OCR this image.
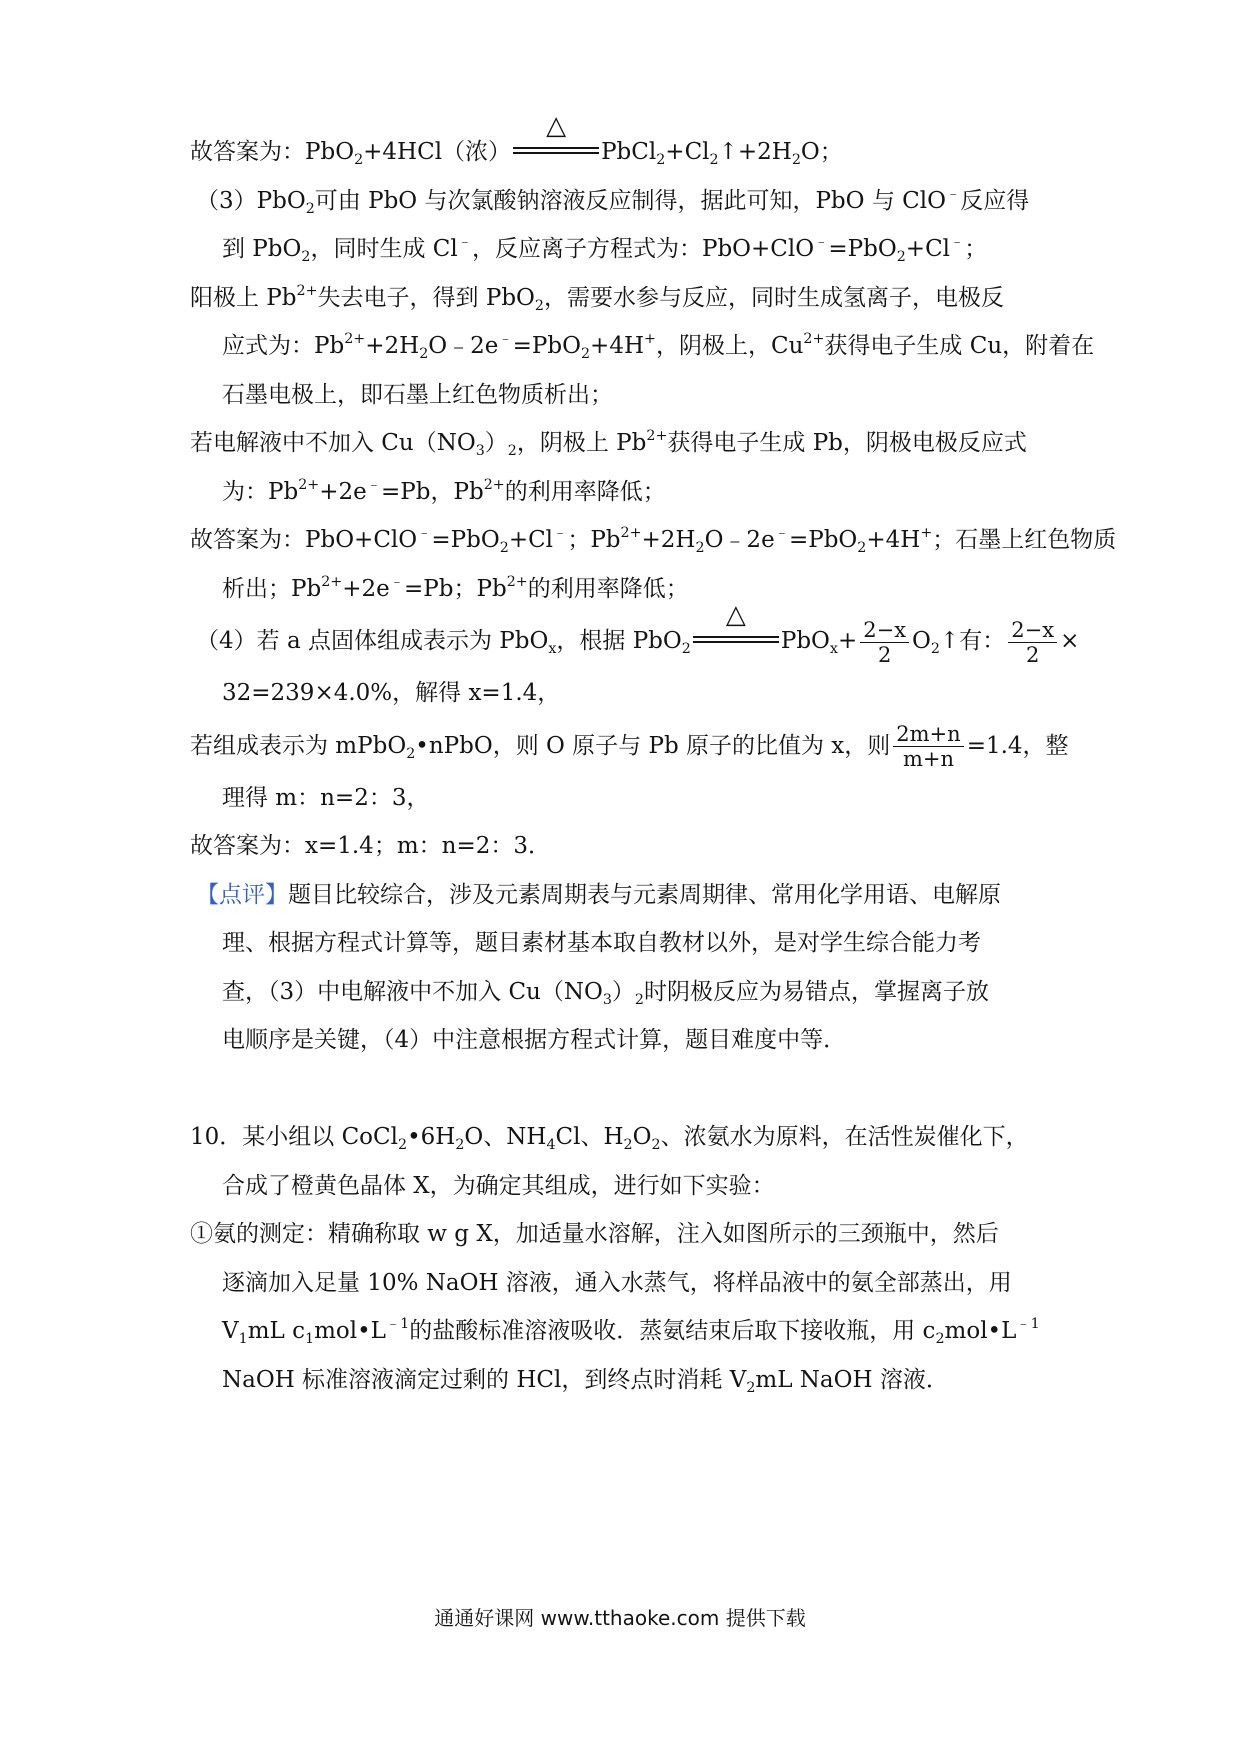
故答案为：PbO$_2$+4HCl（浓）
△
$PbCl_2+Cl_2↑+2H_2O$；
（3）PbO$_2$可由 PbO 与次氯酸钠溶液反应制得，据此可知，PbO 与 ClO﹣反应得
到 PbO$_2$，同时生成 Cl﹣，反应离子方程式为：PbO+ClO﹣=PbO$_2$+Cl﹣；
阳极上 $Pb^{2+}$失去电子，得到 PbO$_2$，需要水参与反应，同时生成氢离子，电极反
应式为：$Pb^{2+}+2H_2O﹣2e^﹣=PbO_2+4H^+$，阴极上，$Cu^{2+}$获得电子生成 Cu，附着在
石墨电极上，即石墨上红色物质析出；
若电解液中不加入 $Cu(NO_3)_2$，阴极上 $Pb^{2+}$获得电子生成 Pb，阴极电极反应式
为：$Pb^{2+}+2e^﹣=Pb$，$Pb^{2+}$的利用率降低；
故答案为：PbO+ClO﹣=PbO$_2$+Cl﹣；$Pb^{2+}+2H_2O﹣2e^﹣=PbO_2+4H^+$；石墨上红色物质
析出；$Pb^{2+}+2e^﹣=Pb$；$Pb^{2+}$的利用率降低；
（4）若 a 点固体组成表示为 PbO$_x$，根据 PbO$_2$
△
$PbO_x+ \frac{2-x}{2}$ $O_2↑$有： $\frac{2-x}{2}$ ×
32=239×4.0%，解得 x=1.4，
若组成表示为 mPbO$_2$•nPbO，则 O 原子与 Pb 原子的比值为 x，则 $\frac{2m+n}{m+n} =1.4$，整
理得 m：n=2：3，
故答案为：x=1.4；m：n=2：3．
【点评】题目比较综合，涉及元素周期表与元素周期律、常用化学用语、电解原
理、根据方程式计算等，题目素材基本取自教材以外，是对学生综合能力考
查，（3）中电解液中不加入 $Cu(NO_3)_2$时阴极反应为易错点，掌握离子放
电顺序是关键，（4）中注意根据方程式计算，题目难度中等．
10．某小组以 $CoCl_2•6H_2O$、$NH_4Cl$、$H_2O_2$、浓氨水为原料，在活性炭催化下，
合成了橙黄色晶体 X，为确定其组成，进行如下实验：
①氨的测定：精确称取 w g X，加适量水溶解，注入如图所示的三颈瓶中，然后
逐滴加入足量 10% NaOH 溶液，通入水蒸气，将样品液中的氨全部蒸出，用
$V_1mL$ $c_1mol•L^{﹣1}$的盐酸标准溶液吸收．蒸氨结束后取下接收瓶，用 $c_2mol•L^{﹣1}$
NaOH 标准溶液滴定过剩的 HCl，到终点时消耗 $V_2mL$ NaOH 溶液．
通通好课网 www.tthaoke.com 提供下载
